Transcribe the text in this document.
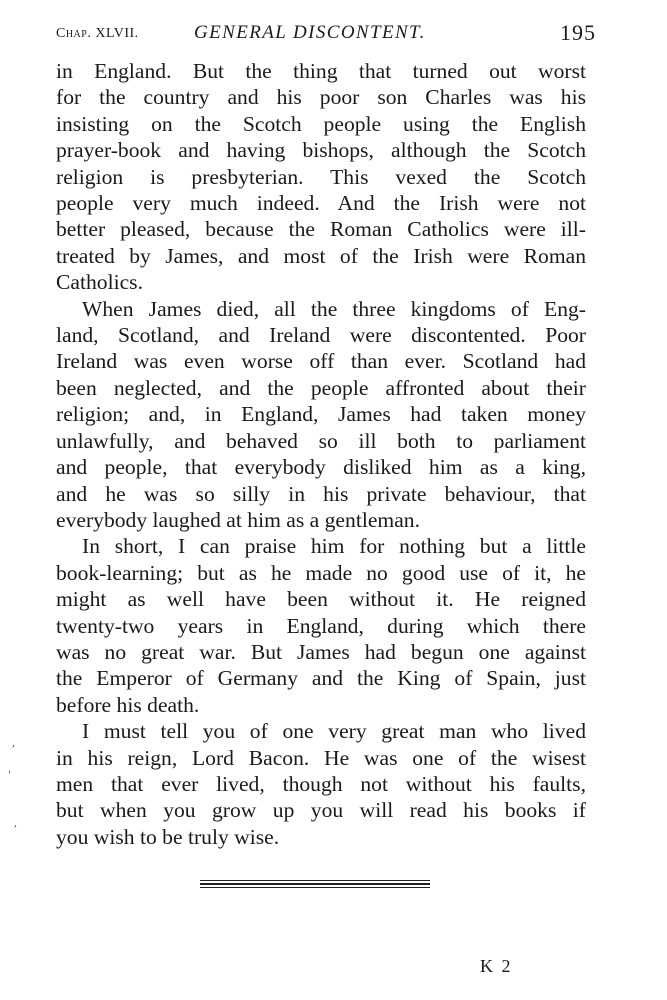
Chap. XLVII.	GENERAL DISCONTENT.	195
in England. But the thing that turned out worst
for the country and his poor son Charles was his
insisting on the Scotch people using the English
prayer-book and having bishops, although the Scotch
religion is presbyterian. This vexed the Scotch
people very much indeed. And the Irish were not
better pleased, because the Roman Catholics were ill-
treated by James, and most of the Irish were Roman
Catholics.
When James died, all the three kingdoms of Eng-
land, Scotland, and Ireland were discontented. Poor
Ireland was even worse off than ever. Scotland had
been neglected, and the people affronted about their
religion; and, in England, James had taken money
unlawfully, and behaved so ill both to parliament
and people, that everybody disliked him as a king,
and he was so silly in his private behaviour, that
everybody laughed at him as a gentleman.
In short, I can praise him for nothing but a little
book-learning; but as he made no good use of it, he
might as well have been without it. He reigned
twenty-two years in England, during which there
was no great war. But James had begun one against
the Emperor of Germany and the King of Spain, just
before his death.
I must tell you of one very great man who lived
in his reign, Lord Bacon. He was one of the wisest
men that ever lived, though not without his faults,
but when you grow up you will read his books if
you wish to be truly wise.
,
'
,
K 2
